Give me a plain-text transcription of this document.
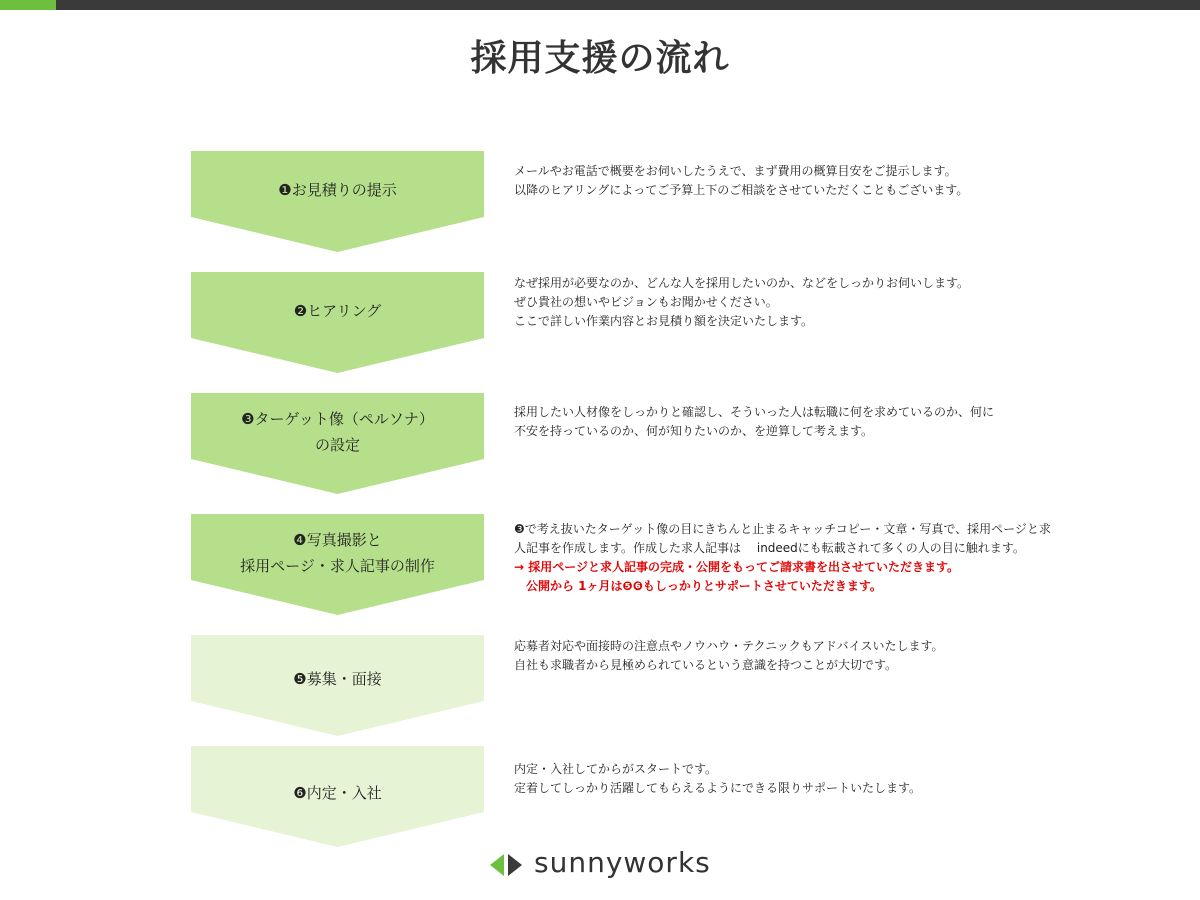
採用支援の流れ
❶お見積りの提示
メールやお電話で概要をお伺いしたうえで、まず費用の概算目安をご提示します。
以降のヒアリングによってご予算上下のご相談をさせていただくこともございます。
❷ヒアリング
なぜ採用が必要なのか、どんな人を採用したいのか、などをしっかりお伺いします。
ぜひ貴社の想いやビジョンもお聞かせください。
ここで詳しい作業内容とお見積り額を決定いたします。
❸ターゲット像（ペルソナ）
の設定
採用したい人材像をしっかりと確認し、そういった人は転職に何を求めているのか、何に
不安を持っているのか、何が知りたいのか、を逆算して考えます。
❹写真撮影と
採用ページ・求人記事の制作
❸で考え抜いたターゲット像の目にきちんと止まるキャッチコピー・文章・写真で、採用ページと求
人記事を作成します。作成した求人記事は　 indeedにも転載されて多くの人の目に触れます。
→ 採用ページと求人記事の完成・公開をもってご請求書を出させていただきます。
　公開から 1ヶ月は❺❻もしっかりとサポートさせていただきます。
❺募集・面接
応募者対応や面接時の注意点やノウハウ・テクニックもアドバイスいたします。
自社も求職者から見極められているという意識を持つことが大切です。
❻内定・入社
内定・入社してからがスタートです。
定着してしっかり活躍してもらえるようにできる限りサポートいたします。
sunnyworks
